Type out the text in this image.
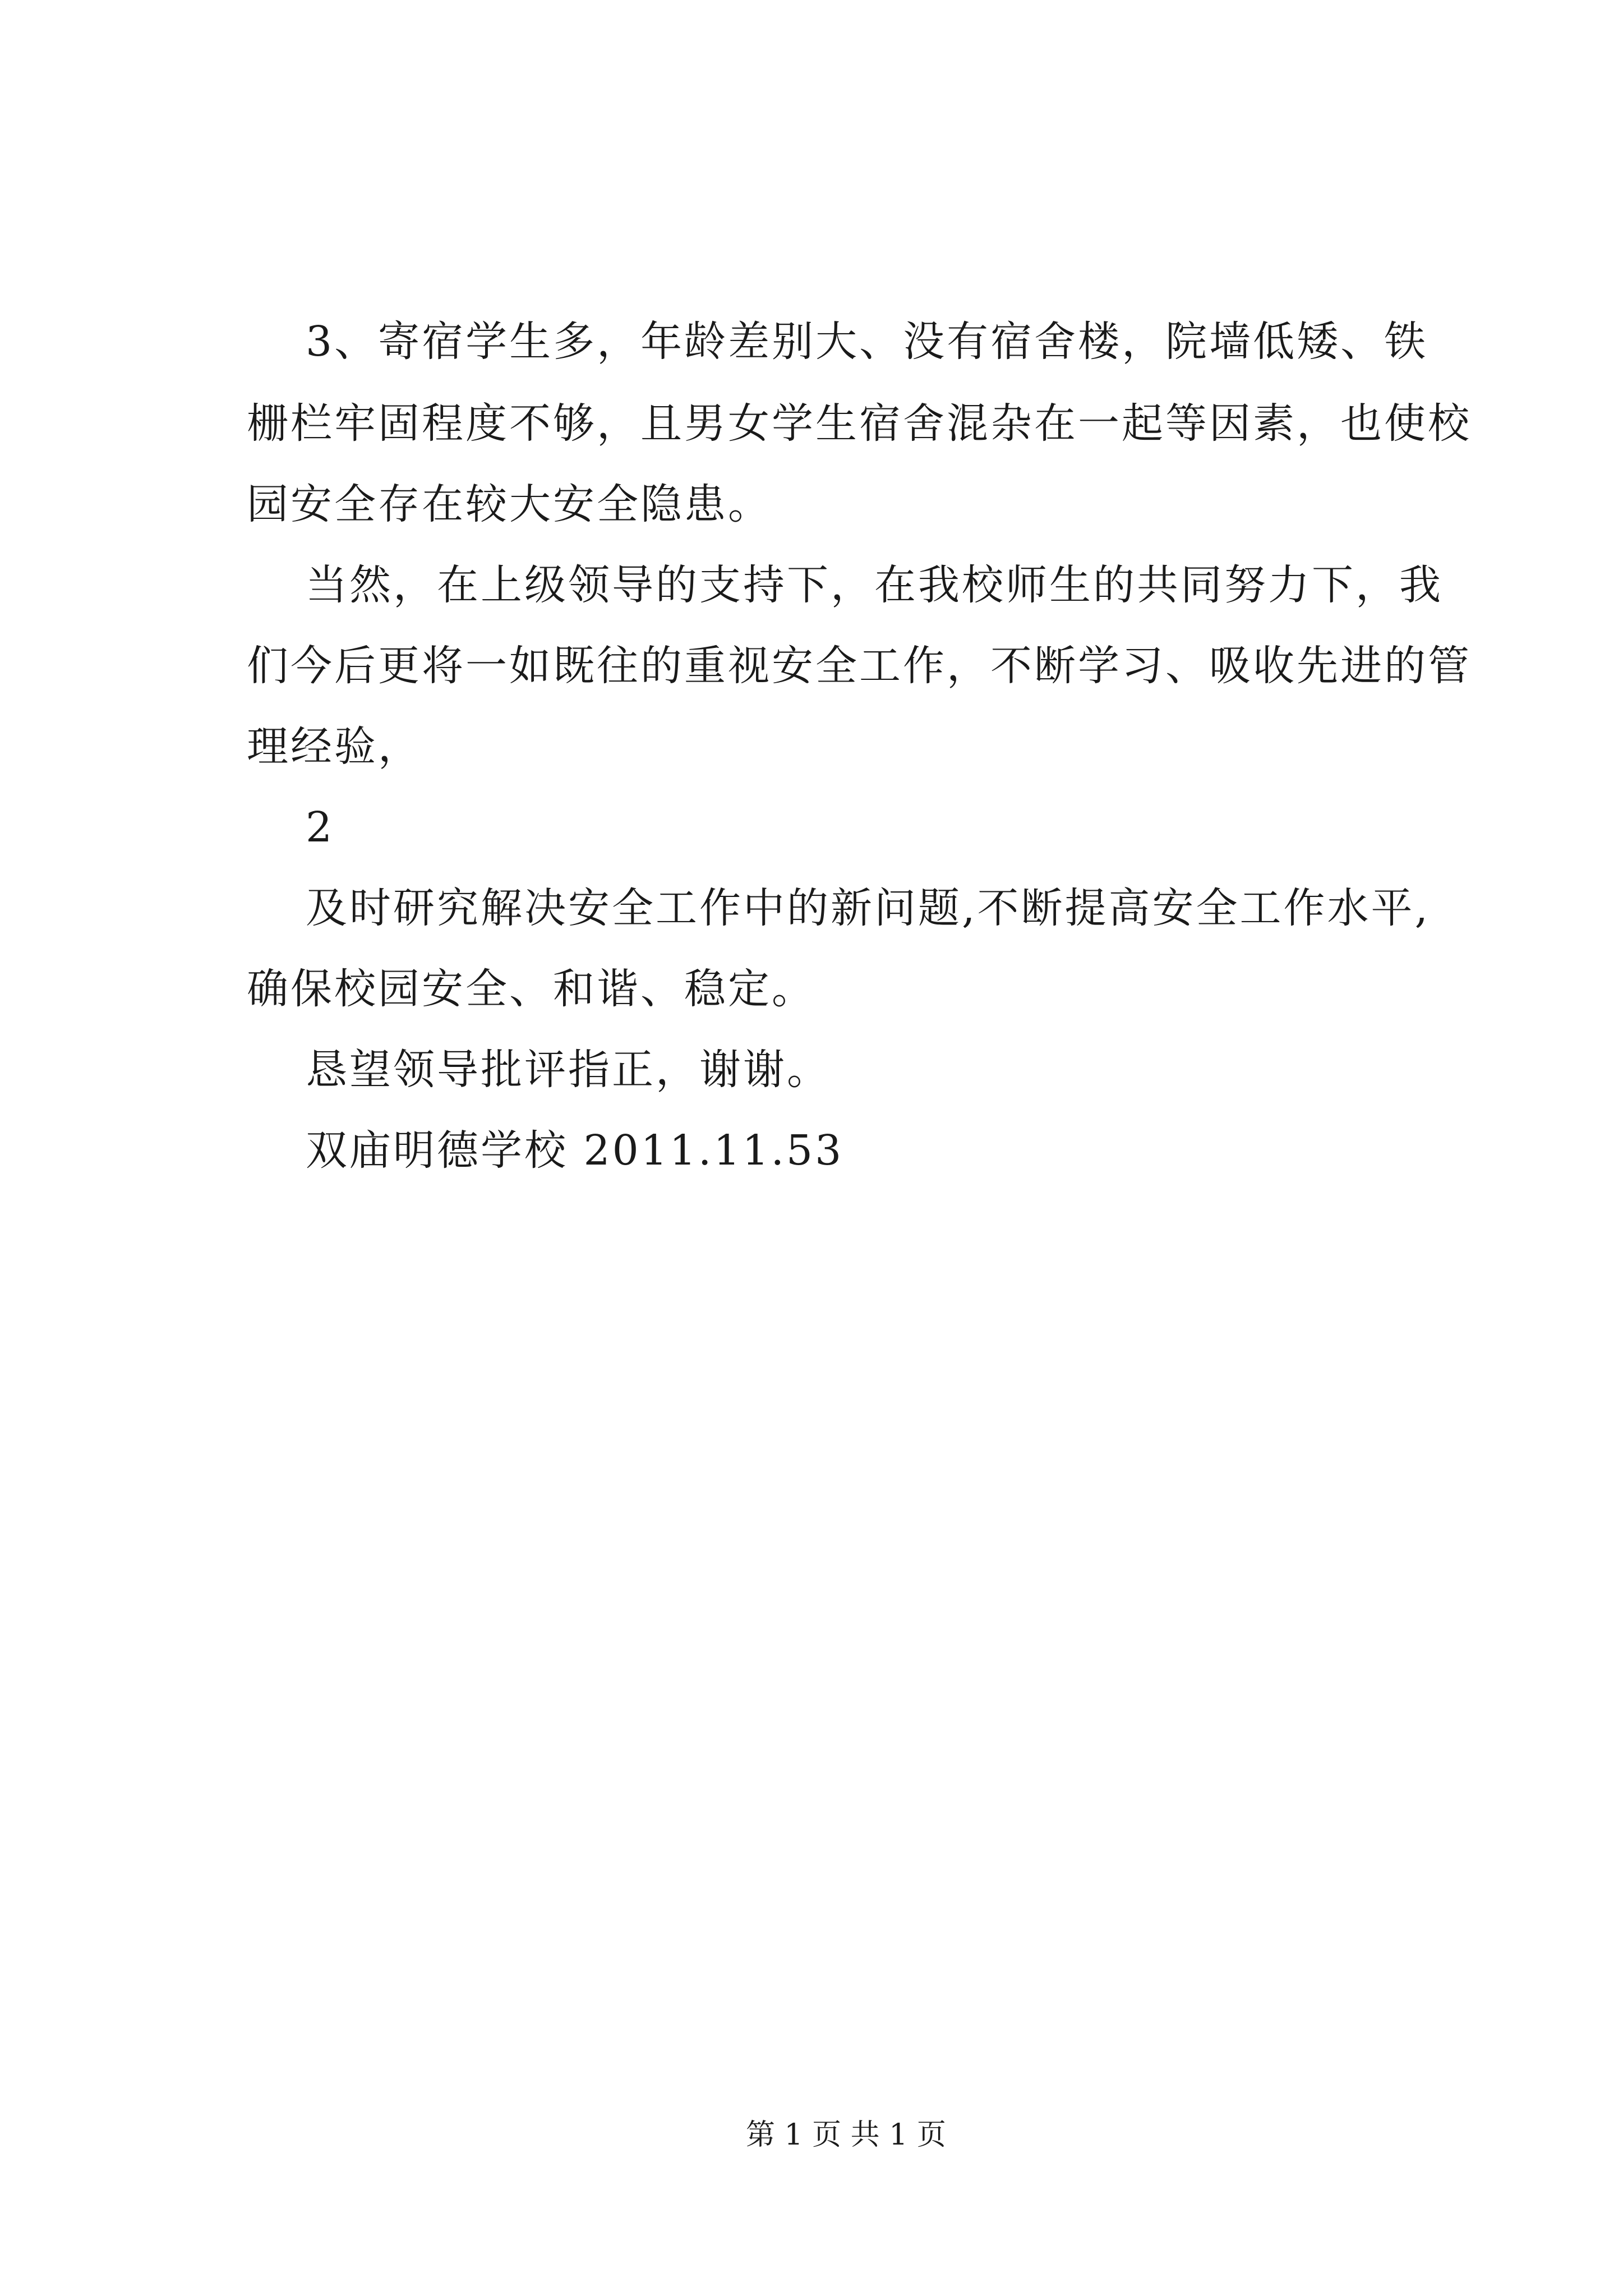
3、寄宿学生多，年龄差别大、没有宿舍楼，院墙低矮、铁
栅栏牢固程度不够，且男女学生宿舍混杂在一起等因素，也使校
园安全存在较大安全隐患。
当然，在上级领导的支持下，在我校师生的共同努力下，我
们今后更将一如既往的重视安全工作，不断学习、吸收先进的管
理经验，
2
及时研究解决安全工作中的新问题,不断提高安全工作水平,
确保校园安全、和谐、稳定。
恳望领导批评指正，谢谢。
双庙明德学校 2011.11.53
第 1 页 共 1 页
